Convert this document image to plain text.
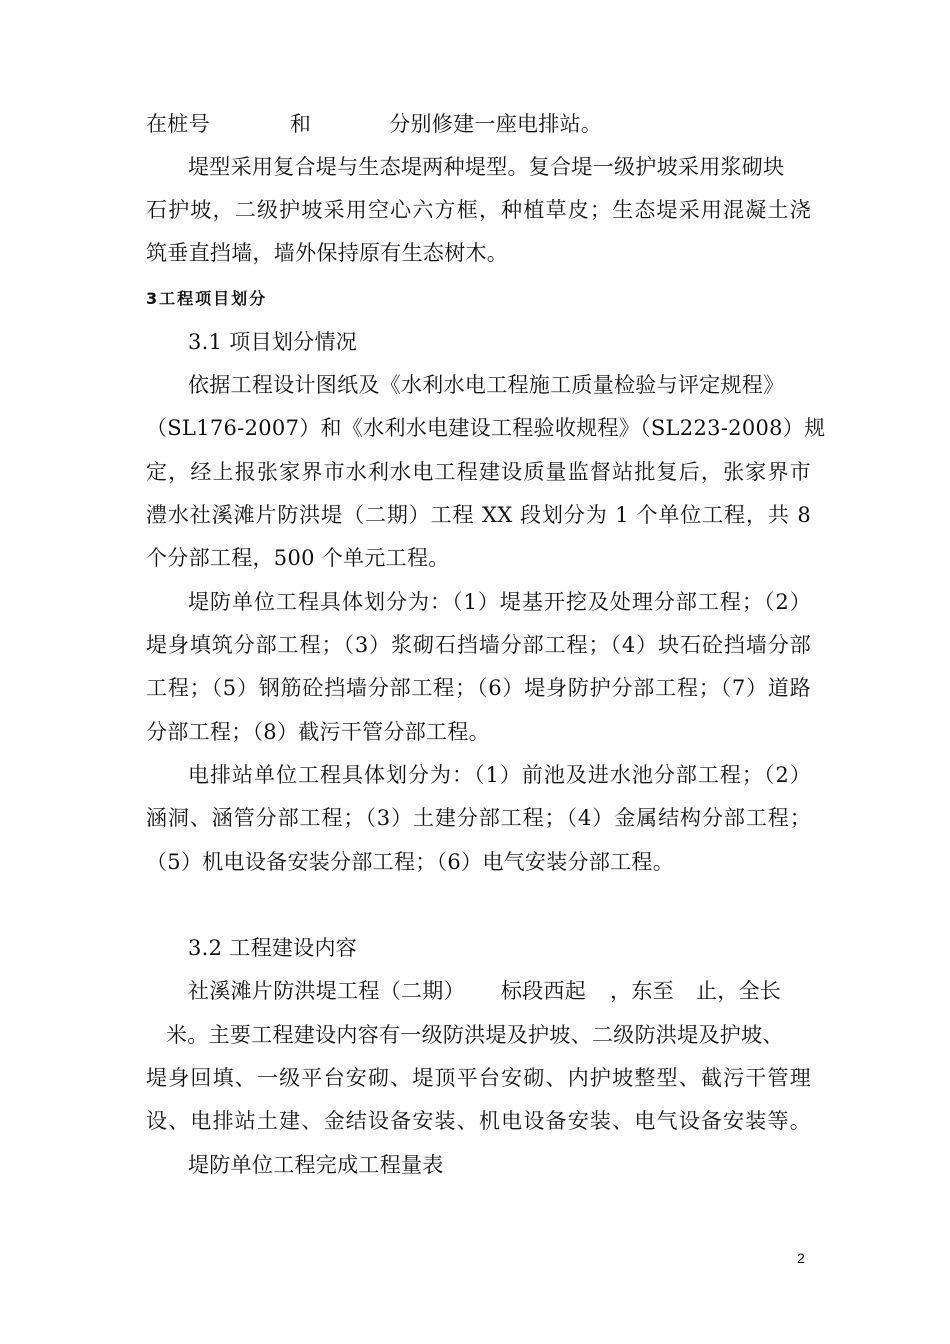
在桩号	和	分别修建一座电排站。
堤型采用复合堤与生态堤两种堤型。复合堤一级护坡采用浆砌块
石护坡，二级护坡采用空心六方框，种植草皮；生态堤采用混凝土浇
筑垂直挡墙，墙外保持原有生态树木。
3工程项目划分
3.1 项目划分情况
依据工程设计图纸及《水利水电工程施工质量检验与评定规程》
（SL176-2007）和《水利水电建设工程验收规程》（SL223-2008）规
定，经上报张家界市水利水电工程建设质量监督站批复后，张家界市
澧水社溪滩片防洪堤（二期）工程 XX 段划分为 1 个单位工程，共 8
个分部工程，500 个单元工程。
堤防单位工程具体划分为：（1）堤基开挖及处理分部工程；（2）
堤身填筑分部工程；（3）浆砌石挡墙分部工程；（4）块石砼挡墙分部
工程；（5）钢筋砼挡墙分部工程；（6）堤身防护分部工程；（7）道路
分部工程；（8）截污干管分部工程。
电排站单位工程具体划分为：（1）前池及进水池分部工程；（2）
涵洞、涵管分部工程；（3）土建分部工程；（4）金属结构分部工程；
（5）机电设备安装分部工程；（6）电气安装分部工程。
3.2 工程建设内容
社溪滩片防洪堤工程（二期） 标段西起 ，东至 止，全长
米。主要工程建设内容有一级防洪堤及护坡、二级防洪堤及护坡、
堤身回填、一级平台安砌、堤顶平台安砌、内护坡整型、截污干管理
设、电排站土建、金结设备安装、机电设备安装、电气设备安装等。
堤防单位工程完成工程量表
2
